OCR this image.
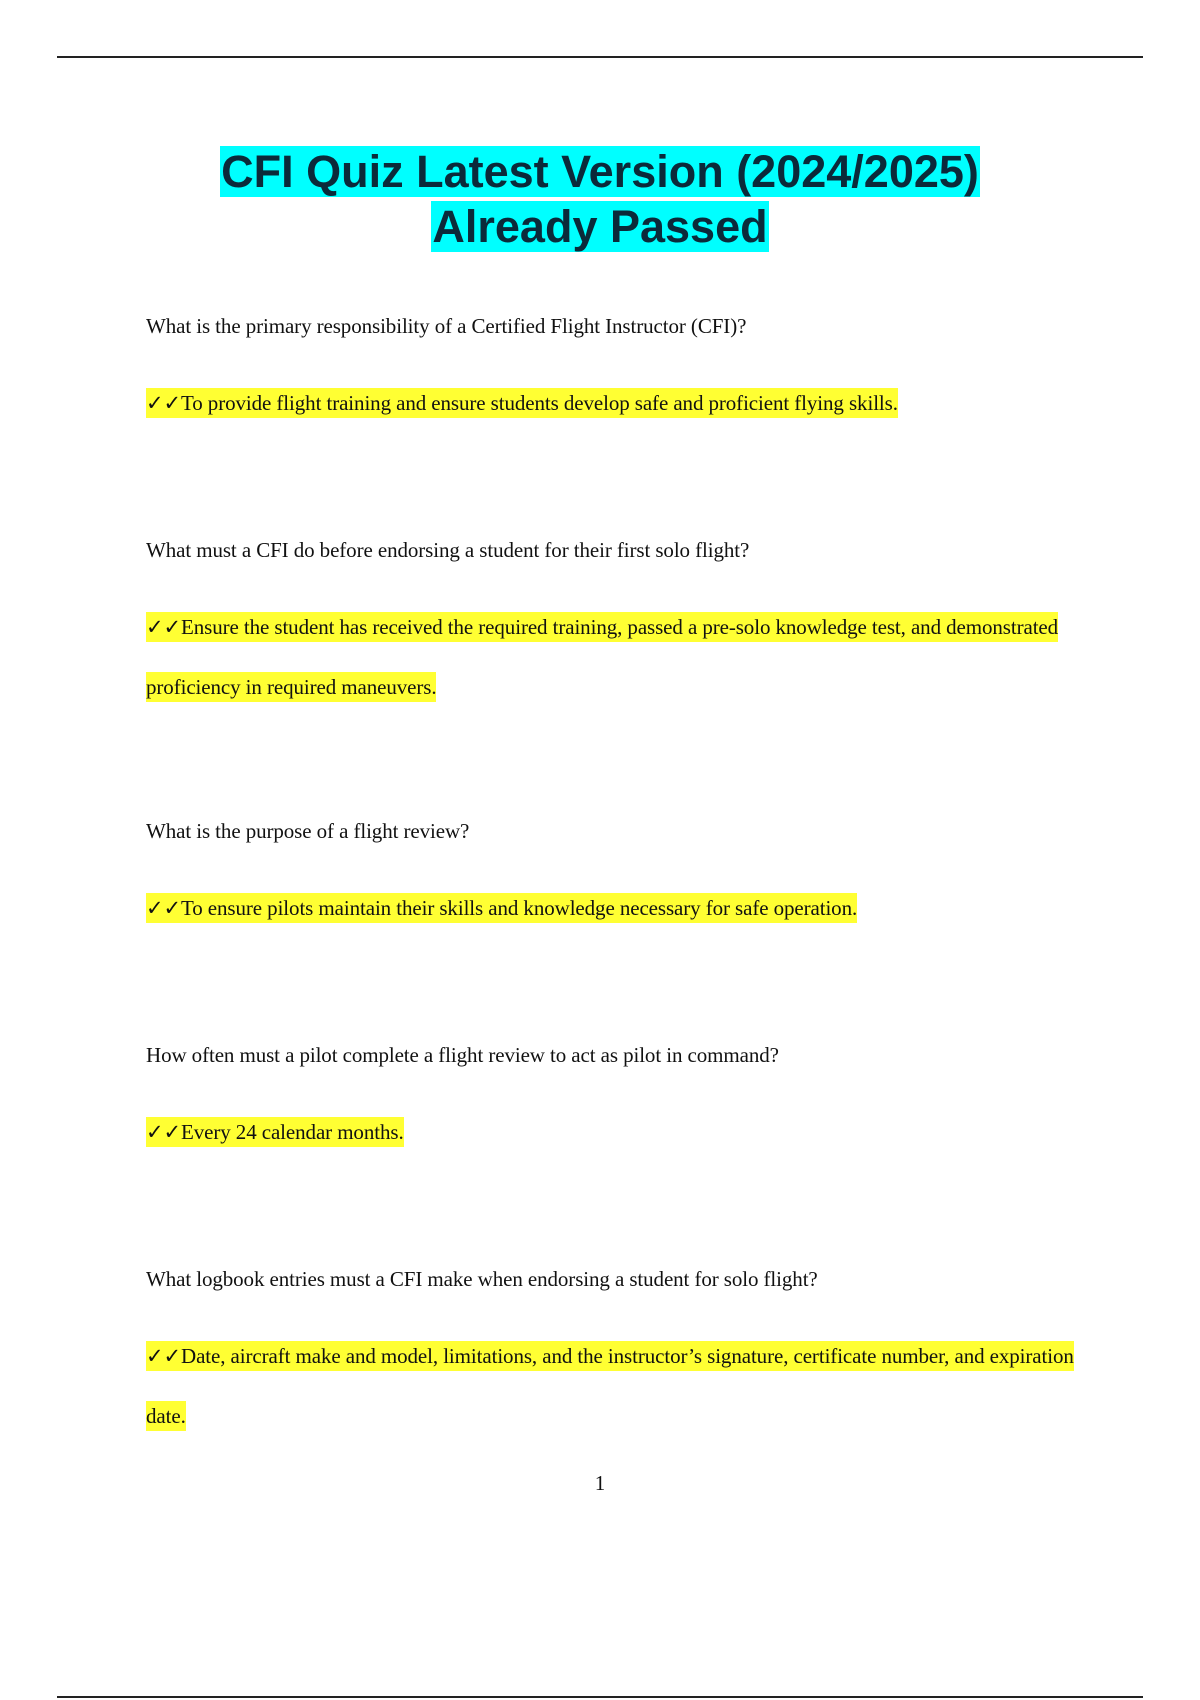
CFI Quiz Latest Version (2024/2025)
Already Passed

What is the primary responsibility of a Certified Flight Instructor (CFI)?

✓✓To provide flight training and ensure students develop safe and proficient flying skills.

What must a CFI do before endorsing a student for their first solo flight?

✓✓Ensure the student has received the required training, passed a pre-solo knowledge test, and demonstrated proficiency in required maneuvers.

What is the purpose of a flight review?

✓✓To ensure pilots maintain their skills and knowledge necessary for safe operation.

How often must a pilot complete a flight review to act as pilot in command?

✓✓Every 24 calendar months.

What logbook entries must a CFI make when endorsing a student for solo flight?

✓✓Date, aircraft make and model, limitations, and the instructor’s signature, certificate number, and expiration date.

1
